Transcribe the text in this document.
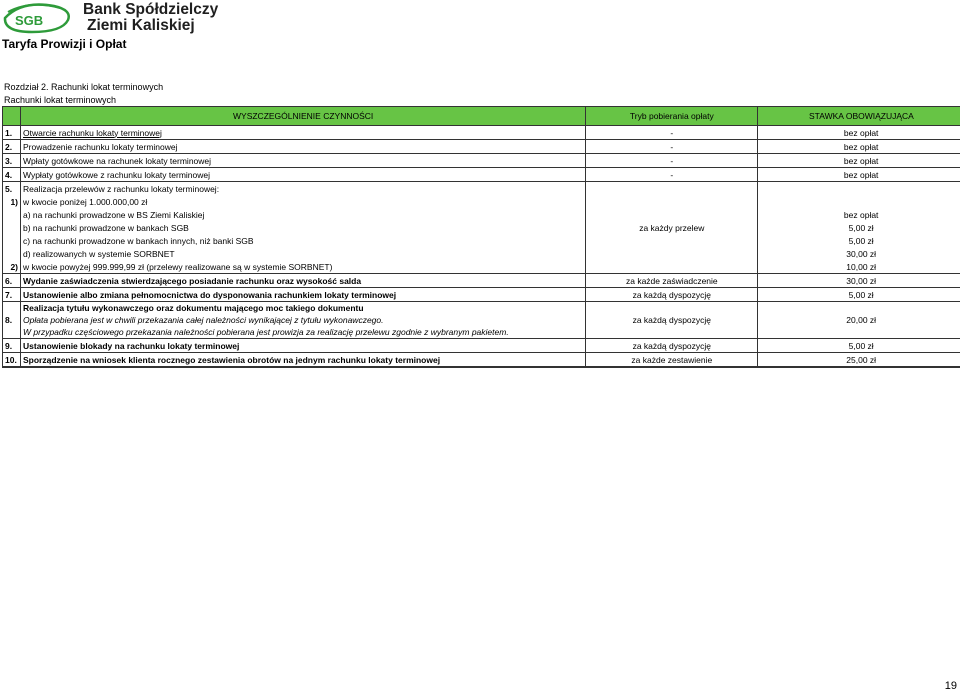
SGB
Bank Spółdzielczy
Ziemi Kaliskiej
Taryfa Prowizji i Opłat
Rozdział 2. Rachunki lokat terminowych
Rachunki lokat terminowych
	WYSZCZEGÓLNIENIE CZYNNOŚCI	Tryb pobierania opłaty	STAWKA OBOWIĄZUJĄCA
1.	Otwarcie rachunku lokaty terminowej	-	bez opłat
2.	Prowadzenie rachunku lokaty terminowej	-	bez opłat
3.	Wpłaty gotówkowe na rachunek lokaty terminowej	-	bez opłat
4.	Wypłaty gotówkowe z rachunku lokaty terminowej	-	bez opłat
5.	Realizacja przelewów z rachunku lokaty terminowej:		
1)	w kwocie poniżej 1.000.000,00 zł		
	a) na rachunki prowadzone w BS Ziemi Kaliskiej		bez opłat
	b) na rachunki prowadzone w bankach SGB	za każdy przelew	5,00 zł
	c) na rachunki prowadzone w bankach innych, niż banki SGB		5,00 zł
	d) realizowanych w systemie SORBNET		30,00 zł
2)	w kwocie powyżej 999.999,99 zł (przelewy realizowane są w systemie SORBNET)		10,00 zł
6.	Wydanie zaświadczenia stwierdzającego posiadanie rachunku oraz wysokość salda	za każde zaświadczenie	30,00 zł
7.	Ustanowienie albo zmiana pełnomocnictwa do dysponowania rachunkiem lokaty terminowej	za każdą dyspozycję	5,00 zł
8.	Realizacja tytułu wykonawczego oraz dokumentu mającego moc takiego dokumentu	za każdą dyspozycję	20,00 zł
	Opłata pobierana jest w chwili przekazania całej należności wynikającej z tytułu wykonawczego.		
	W przypadku częściowego przekazania należności pobierana jest prowizja za realizację przelewu zgodnie z wybranym pakietem.		
9.	Ustanowienie blokady na rachunku lokaty terminowej	za każdą dyspozycję	5,00 zł
10.	Sporządzenie na wniosek klienta rocznego zestawienia obrotów na jednym rachunku lokaty terminowej	za każde zestawienie	25,00 zł
19
